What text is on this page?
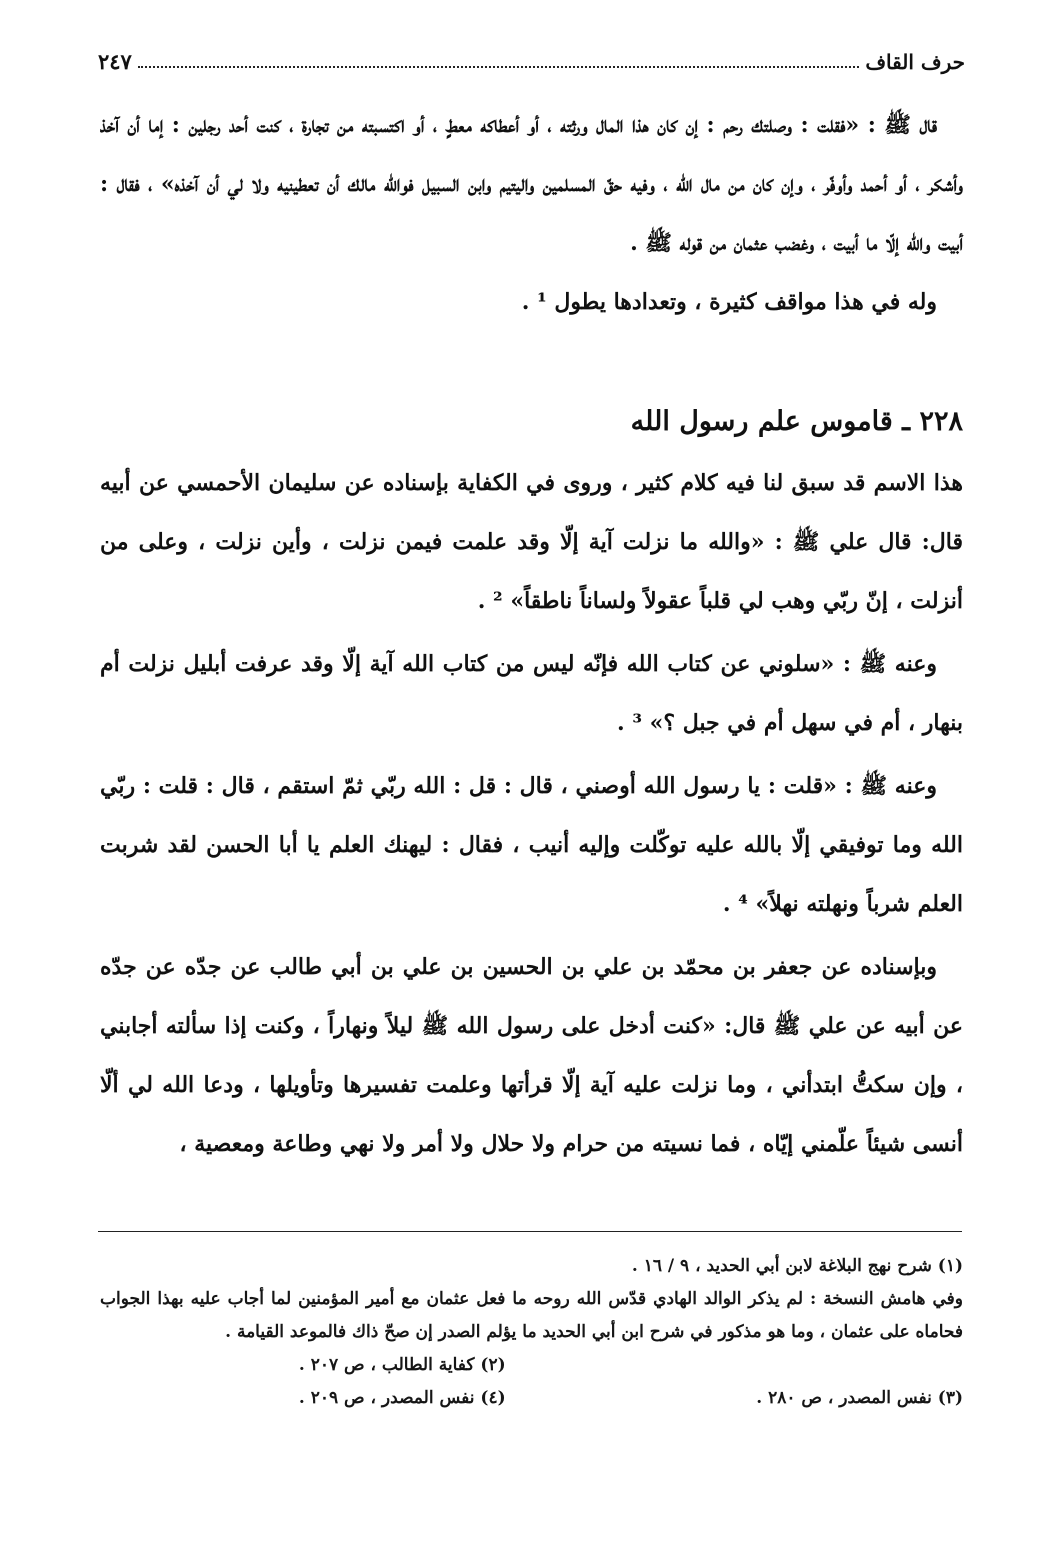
حرف القاف
٢٤٧

قال ﷺ : «فقلت : وصلتك رحم : إن كان هذا المال ورثته ، أو أعطاكه معطٍ ، أو اكتسبته من تجارة ، كنت أحد رجلين : إما أن آخذ وأشكر ، أو أحمد وأوفّر ، وإن كان من مال الله ، وفيه حقّ المسلمين واليتيم وابن السبيل فوالله مالك أن تعطينيه ولا لي أن آخذه» ، فقال : أبيت والله إلّا ما أبيت ، وغضب عثمان من قوله ﷺ .

وله في هذا مواقف كثيرة ، وتعدادها يطول ¹ .

٢٢٨ ـ قاموس علم رسول الله

هذا الاسم قد سبق لنا فيه كلام كثير ، وروى في الكفاية بإسناده عن سليمان الأحمسي عن أبيه قال: قال علي ﷺ : «والله ما نزلت آية إلّا وقد علمت فيمن نزلت ، وأين نزلت ، وعلى من أنزلت ، إنّ ربّي وهب لي قلباً عقولاً ولساناً ناطقاً» ² .

وعنه ﷺ : «سلوني عن كتاب الله فإنّه ليس من كتاب الله آية إلّا وقد عرفت أبليل نزلت أم بنهار ، أم في سهل أم في جبل ؟» ³ .

وعنه ﷺ : «قلت : يا رسول الله أوصني ، قال : قل : الله ربّي ثمّ استقم ، قال : قلت : ربّي الله وما توفيقي إلّا بالله عليه توكّلت وإليه أنيب ، فقال : ليهنك العلم يا أبا الحسن لقد شربت العلم شرباً ونهلته نهلاً» ⁴ .

وبإسناده عن جعفر بن محمّد بن علي بن الحسين بن علي بن أبي طالب عن جدّه عن جدّه عن أبيه عن علي ﷺ قال: «كنت أدخل على رسول الله ﷺ ليلاً ونهاراً ، وكنت إذا سألته أجابني ، وإن سكتُّ ابتدأني ، وما نزلت عليه آية إلّا قرأتها وعلمت تفسيرها وتأويلها ، ودعا الله لي ألّا أنسى شيئاً علّمني إيّاه ، فما نسيته من حرام ولا حلال ولا أمر ولا نهي وطاعة ومعصية ،

(١) شرح نهج البلاغة لابن أبي الحديد ، ٩ / ١٦ .

وفي هامش النسخة : لم يذكر الوالد الهادي قدّس الله روحه ما فعل عثمان مع أمير المؤمنين لما أجاب عليه بهذا الجواب فحاماه على عثمان ، وما هو مذكور في شرح ابن أبي الحديد ما يؤلم الصدر إن صحّ ذاك فالموعد القيامة .

(٢) كفاية الطالب ، ص ٢٠٧ .
(٣) نفس المصدر ، ص ٢٨٠ .
(٤) نفس المصدر ، ص ٢٠٩ .
